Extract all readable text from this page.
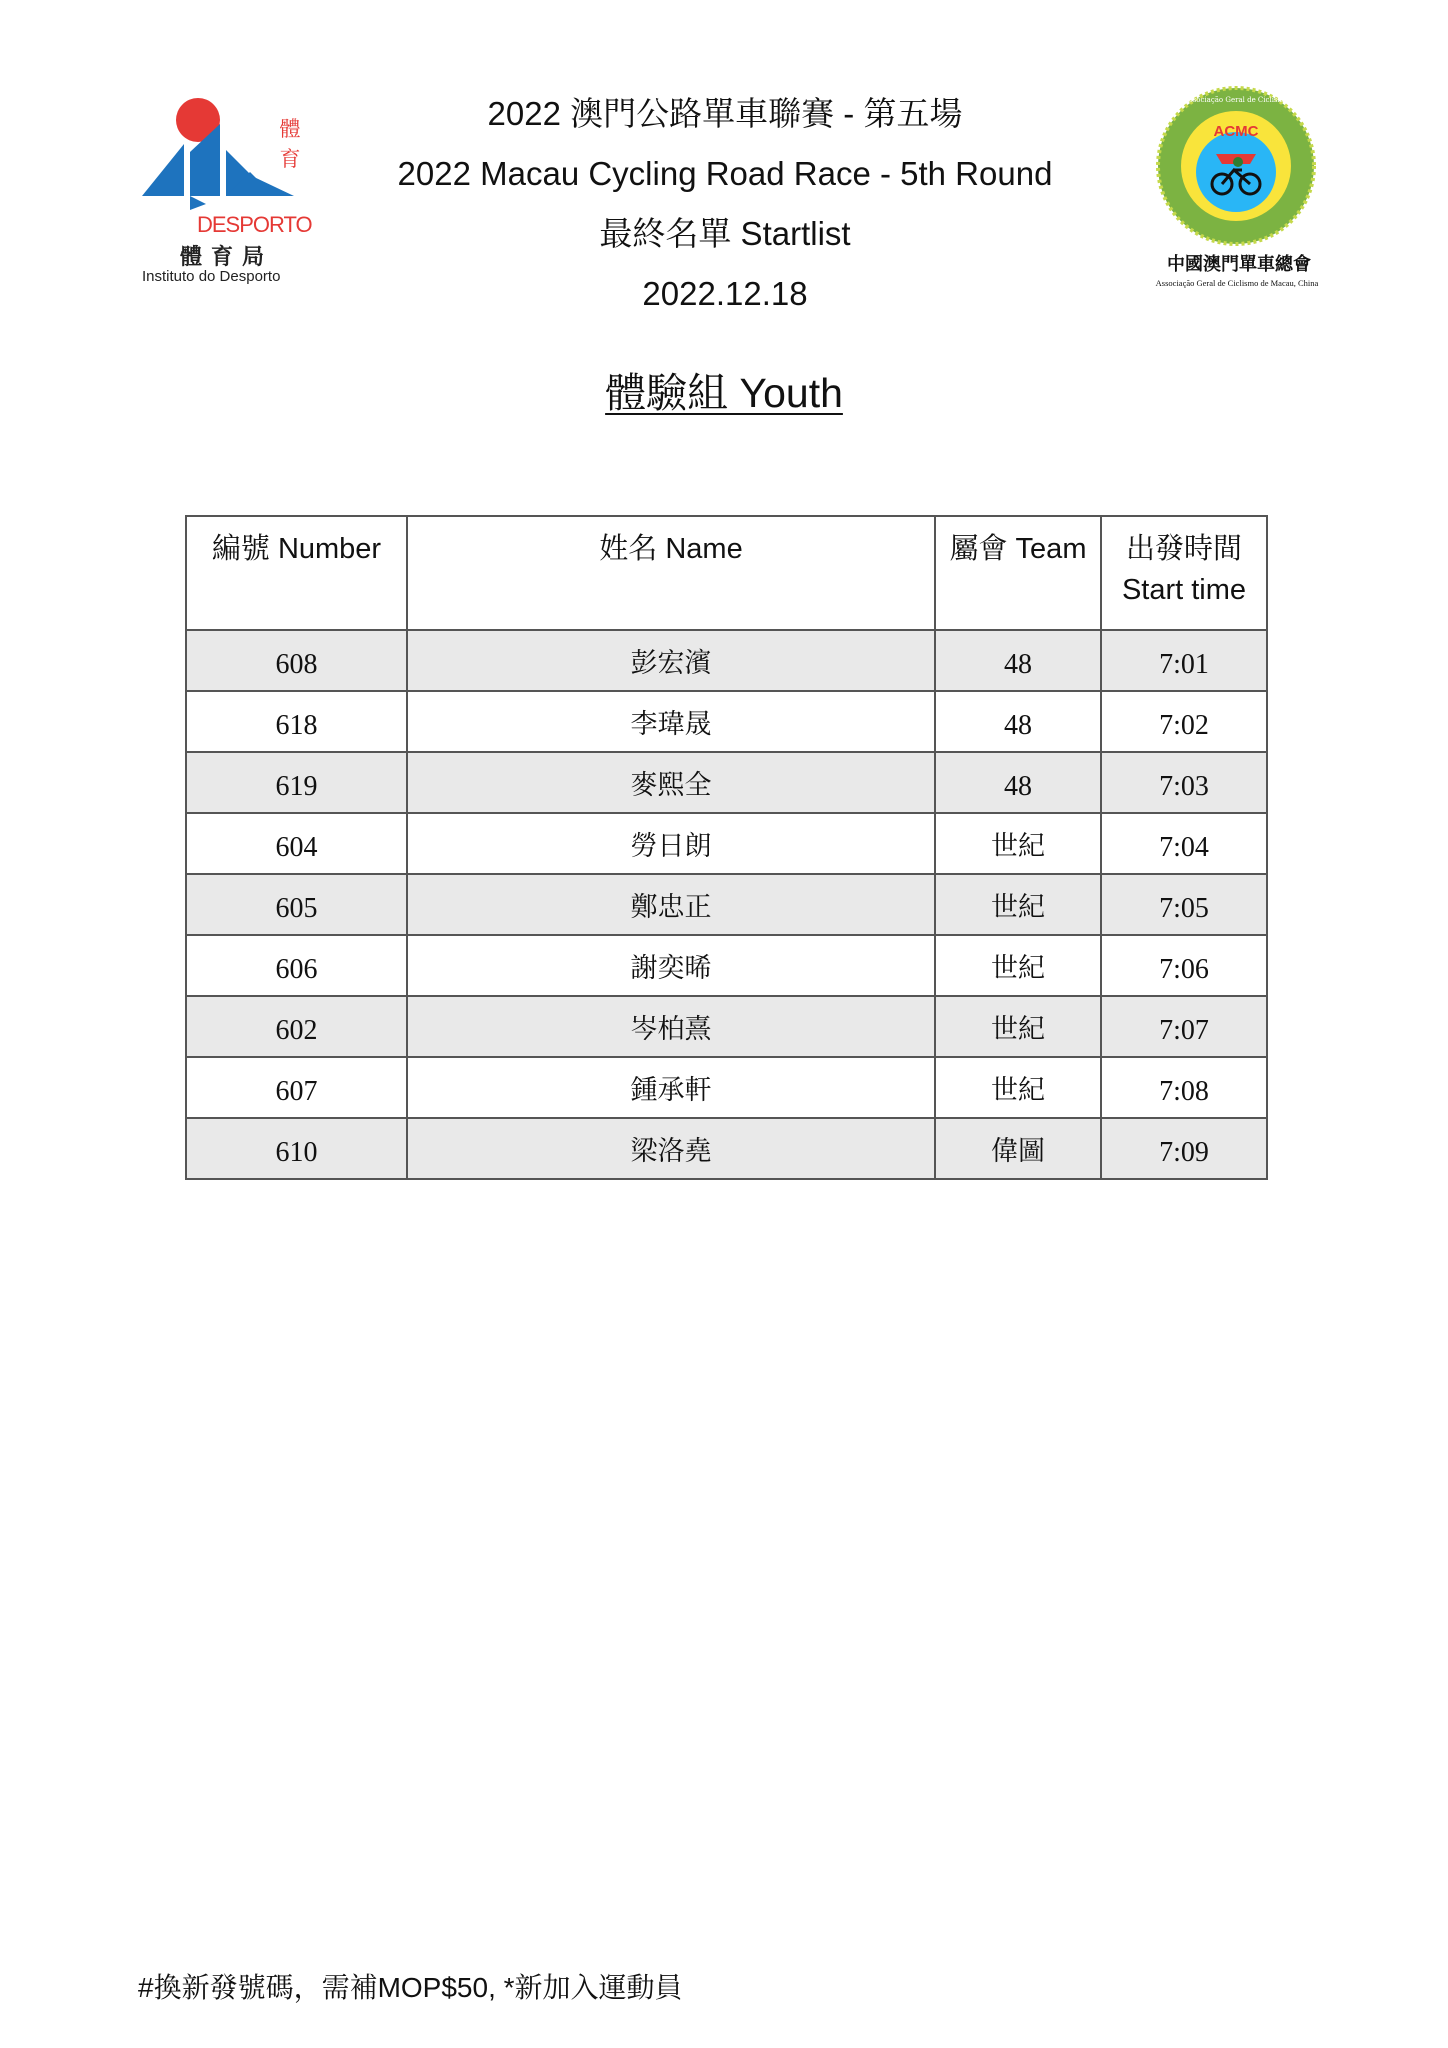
體
育
DESPORTO
體育局
Instituto do Desporto
2022 澳門公路單車聯賽 - 第五場
2022 Macau Cycling Road Race - 5th Round
最終名單 Startlist
2022.12.18
ACMC
中國澳門單車總會 · Associação Geral de Ciclismo de Macau, China
中國澳門單車總會
Associação Geral de Ciclismo de Macau, China
體驗組 Youth
編號 Number	姓名 Name	屬會 Team	出發時間
Start time

608	彭宏濱	48	7:01
618	李瑋晟	48	7:02
619	麥熙全	48	7:03
604	勞日朗	世紀	7:04
605	鄭忠正	世紀	7:05
606	謝奕晞	世紀	7:06
602	岑柏熹	世紀	7:07
607	鍾承軒	世紀	7:08
610	梁洛堯	偉圖	7:09
#換新發號碼，需補MOP$50, *新加入運動員
